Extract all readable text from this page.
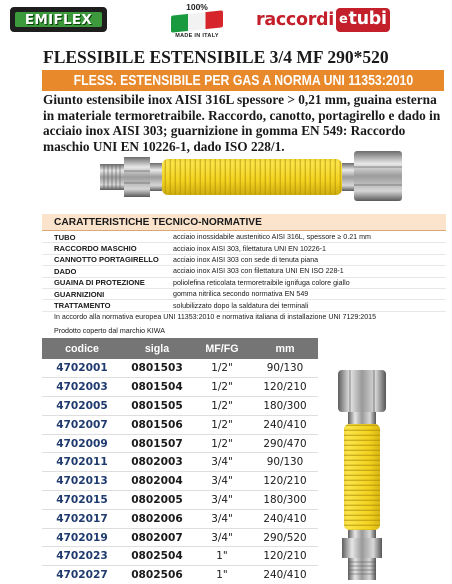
EMIFLEX
100%
MADE IN ITALY
raccordi etubi
FLESSIBILE ESTENSIBILE 3/4 MF 290*520
FLESS. ESTENSIBILE PER GAS A NORMA UNI 11353:2010
Giunto estensibile inox AISI 316L spessore > 0,21 mm, guaina esterna in materiale termoretraibile. Raccordo, canotto, portagirello e dado in acciaio inox AISI 303; guarnizione in gomma EN 549: Raccordo maschio UNI EN 10226-1, dado ISO 228/1.
CARATTERISTICHE TECNICO-NORMATIVE
TUBO	acciaio inossidabile austenitico AISI 316L, spessore ≥ 0.21 mm
RACCORDO MASCHIO	acciaio inox AISI 303, filettatura UNI EN 10226-1
CANNOTTO PORTAGIRELLO	acciaio inox AISI 303 con sede di tenuta piana
DADO	acciaio inox AISI 303 con filettatura UNI EN ISO 228-1
GUAINA DI PROTEZIONE	poliolefina reticolata termoretraibile ignifuga colore giallo
GUARNIZIONI	gomma nitrilica secondo normativa EN 549
TRATTAMENTO	solubilizzato dopo la saldatura dei terminali
In accordo alla normativa europea UNI 11353:2010 e normativa italiana di installazione UNI 7129:2015
Prodotto coperto dal marchio KIWA
codice	sigla	MF/FG	mm
4702001	0801503	1/2"	90/130
4702003	0801504	1/2"	120/210
4702005	0801505	1/2"	180/300
4702007	0801506	1/2"	240/410
4702009	0801507	1/2"	290/470
4702011	0802003	3/4"	90/130
4702013	0802004	3/4"	120/210
4702015	0802005	3/4"	180/300
4702017	0802006	3/4"	240/410
4702019	0802007	3/4"	290/520
4702023	0802504	1"	120/210
4702027	0802506	1"	240/410
